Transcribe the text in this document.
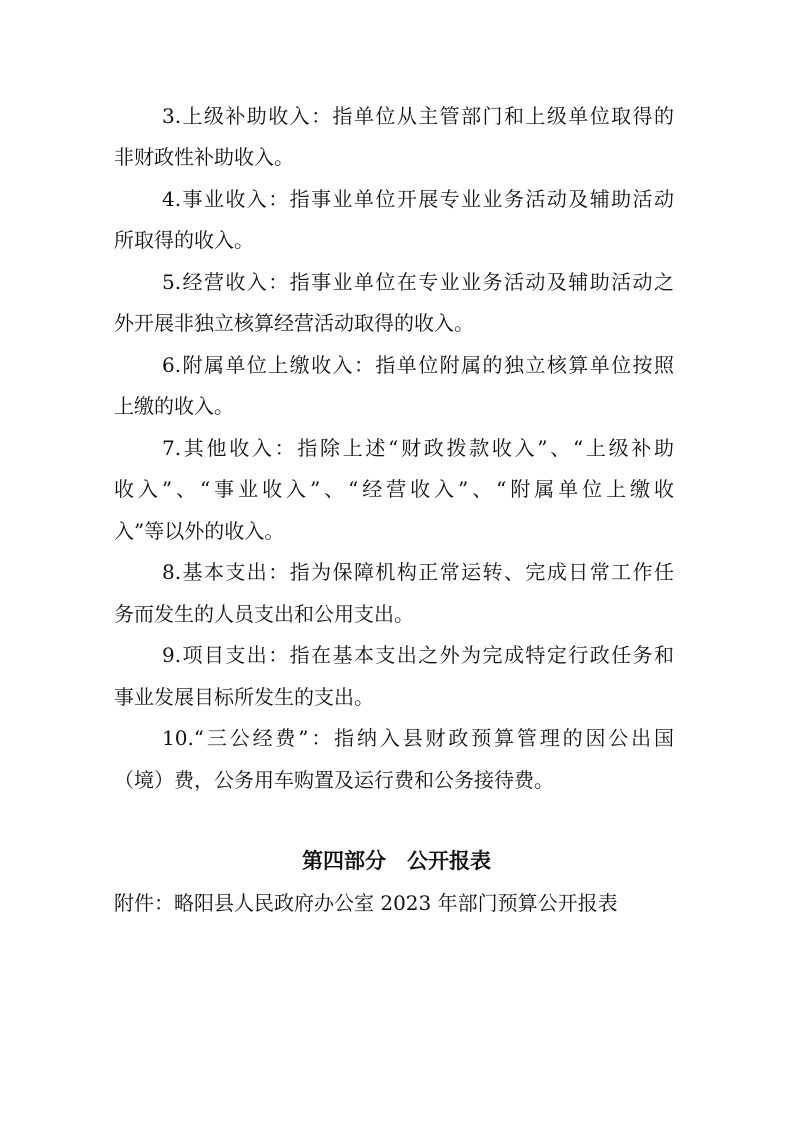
3.上级补助收入：指单位从主管部门和上级单位取得的
非财政性补助收入。
4.事业收入：指事业单位开展专业业务活动及辅助活动
所取得的收入。
5.经营收入：指事业单位在专业业务活动及辅助活动之
外开展非独立核算经营活动取得的收入。
6.附属单位上缴收入：指单位附属的独立核算单位按照
上缴的收入。
7.其他收入：指除上述“财政拨款收入”、“上级补助
收入”、“事业收入”、“经营收入”、“附属单位上缴收
入”等以外的收入。
8.基本支出：指为保障机构正常运转、完成日常工作任
务而发生的人员支出和公用支出。
9.项目支出：指在基本支出之外为完成特定行政任务和
事业发展目标所发生的支出。
10.“三公经费”：指纳入县财政预算管理的因公出国
（境）费，公务用车购置及运行费和公务接待费。
第四部分　公开报表
附件：略阳县人民政府办公室 2023 年部门预算公开报表
